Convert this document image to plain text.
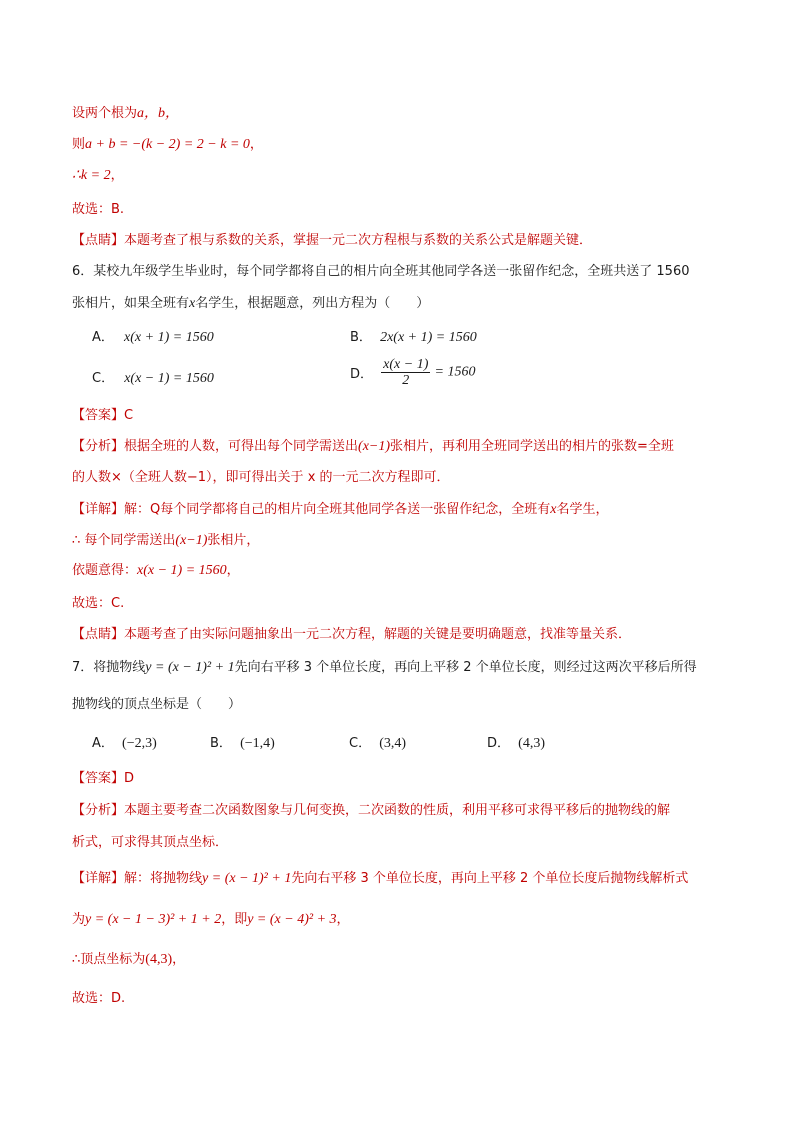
设两个根为a，b，
则a + b = −(k − 2) = 2 − k = 0，
∴k = 2，
故选：B.
【点睛】本题考查了根与系数的关系，掌握一元二次方程根与系数的关系公式是解题关键．
6．某校九年级学生毕业时，每个同学都将自己的相片向全班其他同学各送一张留作纪念，全班共送了 1560
张相片，如果全班有x名学生，根据题意，列出方程为（　　）
A． x(x + 1) = 1560	B． 2x(x + 1) = 1560
C． x(x − 1) = 1560	D． $\frac{x(x - 1)}{2} = 1560$
【答案】C
【分析】根据全班的人数，可得出每个同学需送出(x−1)张相片，再利用全班同学送出的相片的张数=全班
的人数×（全班人数−1），即可得出关于 x 的一元二次方程即可．
【详解】解：Q每个同学都将自己的相片向全班其他同学各送一张留作纪念，全班有x名学生，
∴ 每个同学需送出(x−1)张相片，
依题意得：x(x − 1) = 1560，
故选：C.
【点睛】本题考查了由实际问题抽象出一元二次方程，解题的关键是要明确题意，找准等量关系．
7．将抛物线y = (x − 1)² + 1先向右平移 3 个单位长度，再向上平移 2 个单位长度，则经过这两次平移后所得
抛物线的顶点坐标是（　　）
A． (−2,3)	B． (−1,4)	C． (3,4)	D． (4,3)
【答案】D
【分析】本题主要考查二次函数图象与几何变换，二次函数的性质，利用平移可求得平移后的抛物线的解
析式，可求得其顶点坐标．
【详解】解：将抛物线y = (x − 1)² + 1先向右平移 3 个单位长度，再向上平移 2 个单位长度后抛物线解析式
为y = (x − 1 − 3)² + 1 + 2，即y = (x − 4)² + 3，
∴顶点坐标为(4,3)，
故选：D.
